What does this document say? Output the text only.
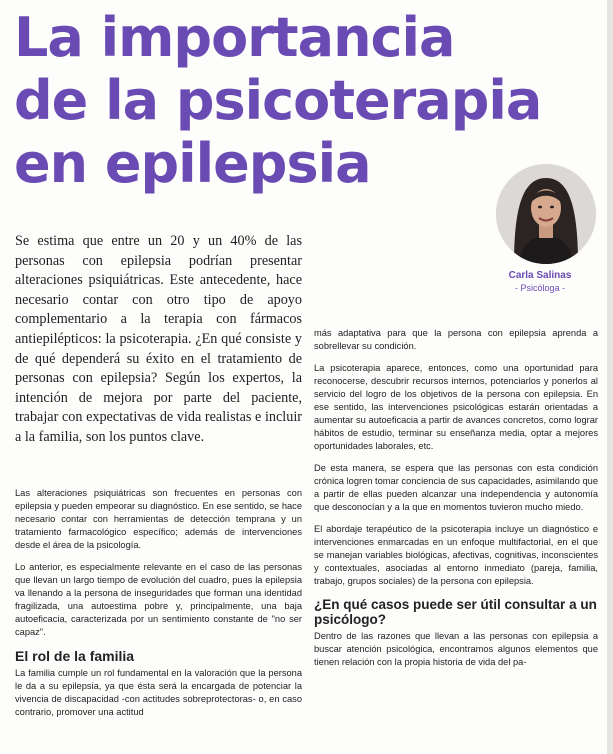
La importancia
de la psicoterapia
en epilepsia
Carla Salinas
- Psicóloga -

Se estima que entre un 20 y un 40% de las personas con epilepsia podrían presentar alteraciones psiquiátricas. Este antecedente, hace necesario contar con otro tipo de apoyo complementario a la terapia con fármacos antiepilépticos: la psicoterapia. ¿En qué consiste y de qué dependerá su éxito en el tratamiento de personas con epilepsia? Según los expertos, la intención de mejora por parte del paciente, trabajar con expectativas de vida realistas e incluir a la familia, son los puntos clave.

Las alteraciones psiquiátricas son frecuentes en personas con epilepsia y pueden empeorar su diagnóstico. En ese sentido, se hace necesario contar con herramientas de detección temprana y un tratamiento farmacológico específico; además de intervenciones desde el área de la psicología.

Lo anterior, es especialmente relevante en el caso de las personas que llevan un largo tiempo de evolución del cuadro, pues la epilepsia va llenando a la persona de inseguridades que forman una identidad fragilizada, una autoestima pobre y, principalmente, una baja autoeficacia, caracterizada por un sentimiento constante de "no ser capaz".

El rol de la familia

La familia cumple un rol fundamental en la valoración que la persona le da a su epilepsia, ya que ésta será la encargada de potenciar la vivencia de discapacidad -con actitudes sobreprotectoras- o, en caso contrario, promover una actitud

más adaptativa para que la persona con epilepsia aprenda a sobrellevar su condición.

La psicoterapia aparece, entonces, como una oportunidad para reconocerse, descubrir recursos internos, potenciarlos y ponerlos al servicio del logro de los objetivos de la persona con epilepsia. En ese sentido, las intervenciones psicológicas estarán orientadas a aumentar su autoeficacia a partir de avances concretos, como lograr hábitos de estudio, terminar su enseñanza media, optar a mejores oportunidades laborales, etc.

De esta manera, se espera que las personas con esta condición crónica logren tomar conciencia de sus capacidades, asimilando que a partir de ellas pueden alcanzar una independencia y autonomía que desconocían y a la que en momentos tuvieron mucho miedo.

El abordaje terapéutico de la psicoterapia incluye un diagnóstico e intervenciones enmarcadas en un enfoque multifactorial, en el que se manejan variables biológicas, afectivas, cognitivas, inconscientes y contextuales, asociadas al entorno inmediato (pareja, familia, trabajo, grupos sociales) de la persona con epilepsia.

¿En qué casos puede ser útil consultar a un psicólogo?

Dentro de las razones que llevan a las personas con epilepsia a buscar atención psicológica, encontramos algunos elementos que tienen relación con la propia historia de vida del pa-
